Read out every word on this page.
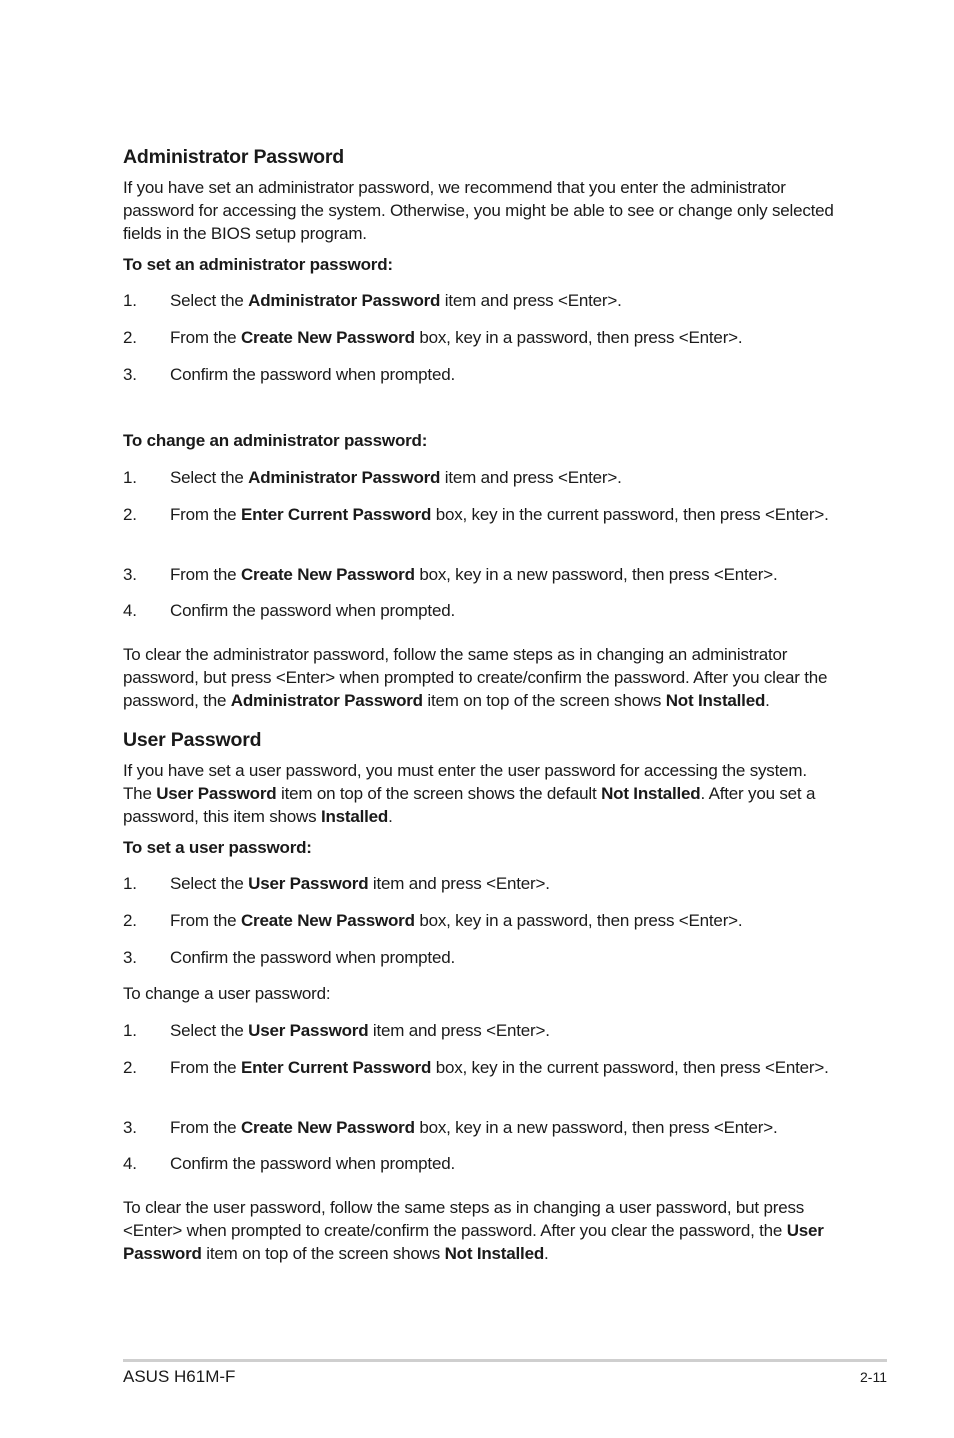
Administrator Password

If you have set an administrator password, we recommend that you enter the administrator password for accessing the system. Otherwise, you might be able to see or change only selected fields in the BIOS setup program.

To set an administrator password:

1.	Select the Administrator Password item and press <Enter>.
2.	From the Create New Password box, key in a password, then press <Enter>.
3.	Confirm the password when prompted.

To change an administrator password:

1.	Select the Administrator Password item and press <Enter>.
2.	From the Enter Current Password box, key in the current password, then press <Enter>.
3.	From the Create New Password box, key in a new password, then press <Enter>.
4.	Confirm the password when prompted.

To clear the administrator password, follow the same steps as in changing an administrator password, but press <Enter> when prompted to create/confirm the password. After you clear the password, the Administrator Password item on top of the screen shows Not Installed.

User Password

If you have set a user password, you must enter the user password for accessing the system. The User Password item on top of the screen shows the default Not Installed. After you set a password, this item shows Installed.

To set a user password:

1.	Select the User Password item and press <Enter>.
2.	From the Create New Password box, key in a password, then press <Enter>.
3.	Confirm the password when prompted.

To change a user password:

1.	Select the User Password item and press <Enter>.
2.	From the Enter Current Password box, key in the current password, then press <Enter>.
3.	From the Create New Password box, key in a new password, then press <Enter>.
4.	Confirm the password when prompted.

To clear the user password, follow the same steps as in changing a user password, but press <Enter> when prompted to create/confirm the password. After you clear the password, the User Password item on top of the screen shows Not Installed.

ASUS H61M-F	2-11
